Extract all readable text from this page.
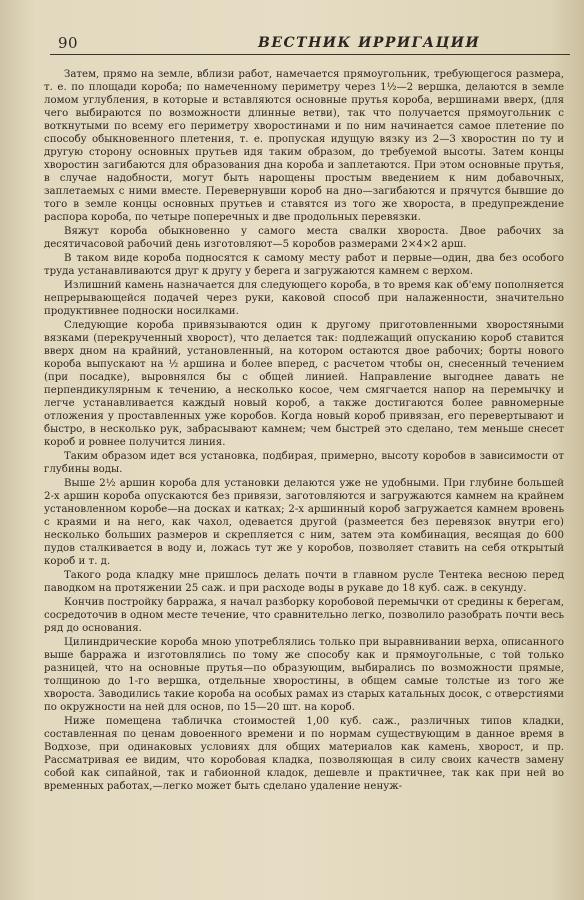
90	ВЕСТНИК ИРРИГАЦИИ

Затем, прямо на земле, вблизи работ, намечается прямоугольник, требующегося размера, т. е. по площади короба; по намеченному периметру через 1½—2 вершка, делаются в земле ломом углубления, в которые и вставляются основные прутья короба, вершинами вверх, (для чего выбираются по возможности длинные ветви), так что получается прямоугольник с воткнутыми по всему его периметру хворостинами и по ним начинается самое плетение по способу обыкновенного плетения, т. е. пропуская идущую вязку из 2—3 хворостин по ту и другую сторону основных прутьев идя таким образом, до требуемой высоты. Затем концы хворостин загибаются для образования дна короба и заплетаются. При этом основные прутья, в случае надобности, могут быть нарощены простым введением к ним добавочных, заплетаемых с ними вместе. Перевернувши короб на дно—загибаются и прячутся бывшие до того в земле концы основных прутьев и ставятся из того же хвороста, в предупреждение распора короба, по четыре поперечных и две продольных перевязки.

Вяжут короба обыкновенно у самого места свалки хвороста. Двое рабочих за десятичасовой рабочий день изготовляют—5 коробов размерами 2×4×2 арш.

В таком виде короба подносятся к самому месту работ и первые—один, два без особого труда устанавливаются друг к другу у берега и загружаются камнем с верхом.

Излишний камень назначается для следующего короба, в то время как об'ему пополняется непрерывающейся подачей через руки, каковой способ при налаженности, значительно продуктивнее подноски носилками.

Следующие короба привязываются один к другому приготовленными хворостяными вязками (перекрученный хворост), что делается так: подлежащий опусканию короб ставится вверх дном на крайний, установленный, на котором остаются двое рабочих; борты нового короба выпускают на ½ аршина и более вперед, с расчетом чтобы он, снесенный течением (при посадке), выровнялся бы с общей линией. Направление выгоднее давать не перпендикулярным к течению, а несколько косое, чем смягчается напор на перемычку и легче устанавливается каждый новый короб, а также достигаются более равномерные отложения у проставленных уже коробов. Когда новый короб привязан, его перевертывают и быстро, в несколько рук, забрасывают камнем; чем быстрей это сделано, тем меньше снесет короб и ровнее получится линия.

Таким образом идет вся установка, подбирая, примерно, высоту коробов в зависимости от глубины воды.

Выше 2½ аршин короба для установки делаются уже не удобными. При глубине большей 2-х аршин короба опускаются без привязи, заготовляются и загружаются камнем на крайнем установленном коробе—на досках и катках; 2-х аршинный короб загружается камнем вровень с краями и на него, как чахол, одевается другой (размеется без перевязок внутри его) несколько больших размеров и скрепляется с ним, затем эта комбинация, весящая до 600 пудов сталкивается в воду и, ложась тут же у коробов, позволяет ставить на себя открытый короб и т. д.

Такого рода кладку мне пришлось делать почти в главном русле Тентека весною перед паводком на протяжении 25 саж. и при расходе воды в рукаве до 18 куб. саж. в секунду.

Кончив постройку барража, я начал разборку коробовой перемычки от средины к берегам, сосредоточив в одном месте течение, что сравнительно легко, позволило разобрать почти весь ряд до основания.

Цилиндрические короба мною употреблялись только при выравнивании верха, описанного выше барража и изготовлялись по тому же способу как и прямоугольные, с той только разницей, что на основные прутья—по образующим, выбирались по возможности прямые, толщиною до 1-го вершка, отдельные хворостины, в общем самые толстые из того же хвороста. Заводились такие короба на особых рамах из старых катальных досок, с отверстиями по окружности на ней для основ, по 15—20 шт. на короб.

Ниже помещена табличка стоимостей 1,00 куб. саж., различных типов кладки, составленная по ценам довоенного времени и по нормам существующим в данное время в Водхозе, при одинаковых условиях для общих материалов как камень, хворост, и пр. Рассматривая ее видим, что коробовая кладка, позволяющая в силу своих качеств замену собой как сипайной, так и габионной кладок, дешевле и практичнее, так как при ней во временных работах,—легко может быть сделано удаление ненуж-
